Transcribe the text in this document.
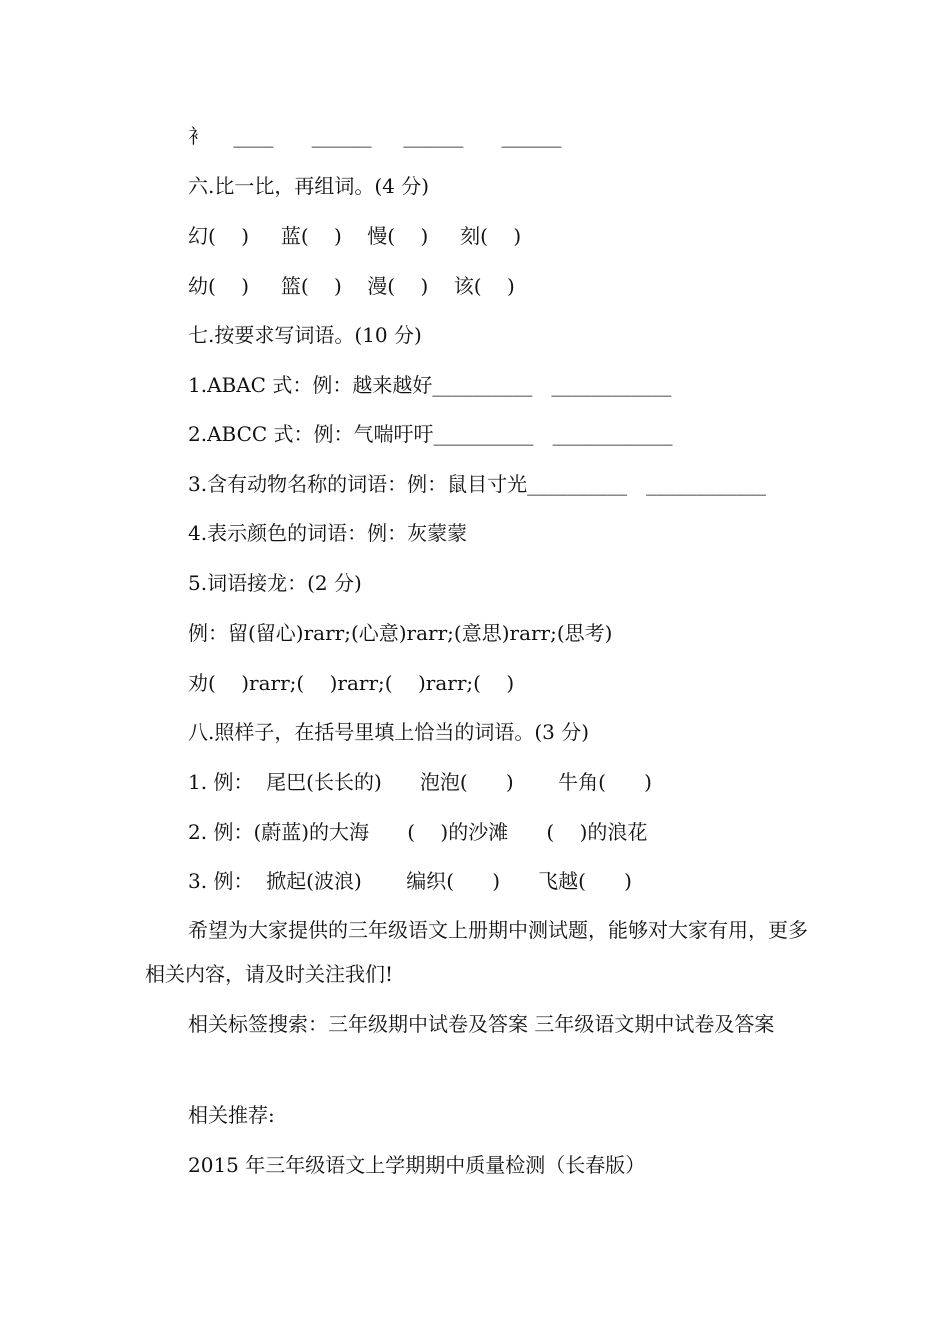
衤    ____      ______     ______      ______
六.比一比，再组词。(4 分)
幻(    )     蓝(    )    慢(    )     刻(    )
幼(    )     篮(    )    漫(    )    该(    )
七.按要求写词语。(10 分)
1.ABAC 式：例：越来越好__________   ____________
2.ABCC 式：例：气喘吁吁__________   ____________
3.含有动物名称的词语：例：鼠目寸光__________   ____________
4.表示颜色的词语：例：灰蒙蒙
5.词语接龙：(2 分)
例：留(留心)rarr;(心意)rarr;(意思)rarr;(思考)
劝(    )rarr;(    )rarr;(    )rarr;(    )
八.照样子，在括号里填上恰当的词语。(3 分)
1. 例：  尾巴(长长的)      泡泡(      )       牛角(      )
2. 例：(蔚蓝)的大海      (    )的沙滩      (    )的浪花
3. 例：  掀起(波浪)       编织(      )      飞越(      )
希望为大家提供的三年级语文上册期中测试题，能够对大家有用，更多相关内容，请及时关注我们!
相关标签搜索：三年级期中试卷及答案 三年级语文期中试卷及答案
相关推荐:
2015 年三年级语文上学期期中质量检测（长春版）
